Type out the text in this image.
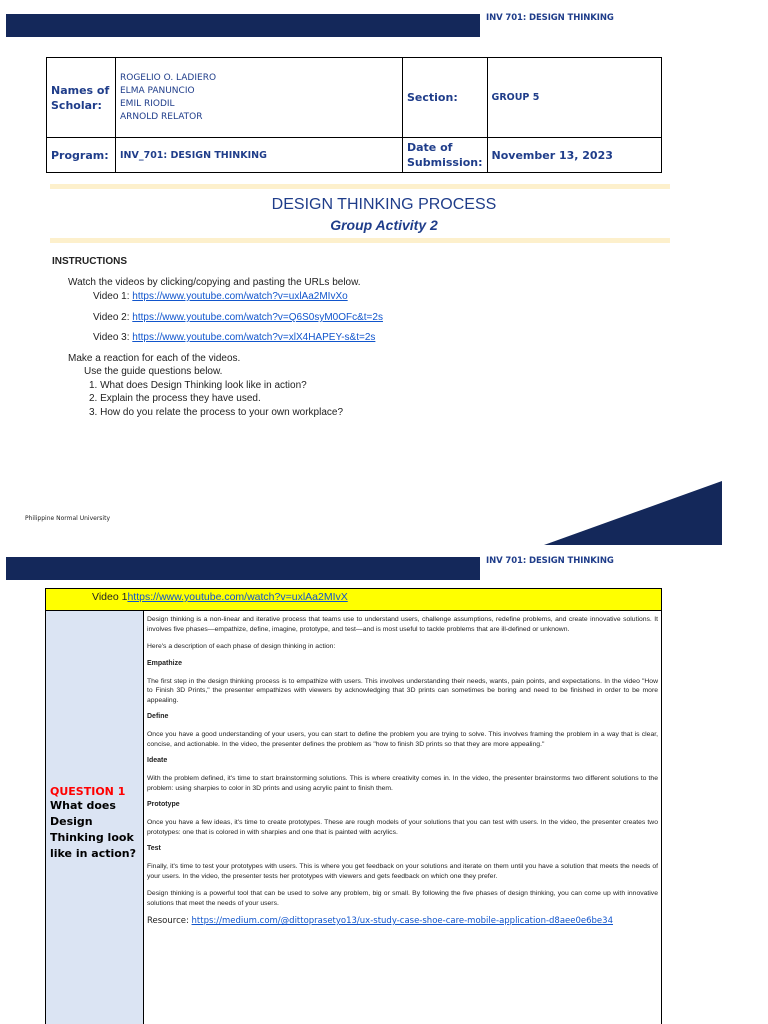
INV 701: DESIGN THINKING
Names of Scholar:	ROGELIO O. LADIERO
ELMA PANUNCIO
EMIL RIODIL
ARNOLD RELATOR	Section:	GROUP 5

Program:	INV_701: DESIGN THINKING	Date of Submission:	November 13, 2023
DESIGN THINKING PROCESS
Group Activity 2
INSTRUCTIONS
Watch the videos by clicking/copying and pasting the URLs below.
Video 1: https://www.youtube.com/watch?v=uxlAa2MIvXo
Video 2: https://www.youtube.com/watch?v=Q6S0syM0OFc&t=2s
Video 3: https://www.youtube.com/watch?v=xlX4HAPEY-s&t=2s
Make a reaction for each of the videos.
Use the guide questions below.
1. What does Design Thinking look like in action?
2. Explain the process they have used.
3. How do you relate the process to your own workplace?
Philippine Normal University
INV 701: DESIGN THINKING
Video 1https://www.youtube.com/watch?v=uxlAa2MIvX

QUESTION 1
What does Design Thinking look like in action?

Design thinking is a non-linear and iterative process that teams use to understand users, challenge assumptions, redefine problems, and create innovative solutions. It involves five phases—empathize, define, imagine, prototype, and test—and is most useful to tackle problems that are ill-defined or unknown.

Here's a description of each phase of design thinking in action:

Empathize

The first step in the design thinking process is to empathize with users. This involves understanding their needs, wants, pain points, and expectations. In the video "How to Finish 3D Prints," the presenter empathizes with viewers by acknowledging that 3D prints can sometimes be boring and need to be finished in order to be more appealing.

Define

Once you have a good understanding of your users, you can start to define the problem you are trying to solve. This involves framing the problem in a way that is clear, concise, and actionable. In the video, the presenter defines the problem as "how to finish 3D prints so that they are more appealing."

Ideate

With the problem defined, it's time to start brainstorming solutions. This is where creativity comes in. In the video, the presenter brainstorms two different solutions to the problem: using sharpies to color in 3D prints and using acrylic paint to finish them.

Prototype

Once you have a few ideas, it's time to create prototypes. These are rough models of your solutions that you can test with users. In the video, the presenter creates two prototypes: one that is colored in with sharpies and one that is painted with acrylics.

Test

Finally, it's time to test your prototypes with users. This is where you get feedback on your solutions and iterate on them until you have a solution that meets the needs of your users. In the video, the presenter tests her prototypes with viewers and gets feedback on which one they prefer.

Design thinking is a powerful tool that can be used to solve any problem, big or small. By following the five phases of design thinking, you can come up with innovative solutions that meet the needs of your users.

Resource: https://medium.com/@dittoprasetyo13/ux-study-case-shoe-care-mobile-application-d8aee0e6be34
